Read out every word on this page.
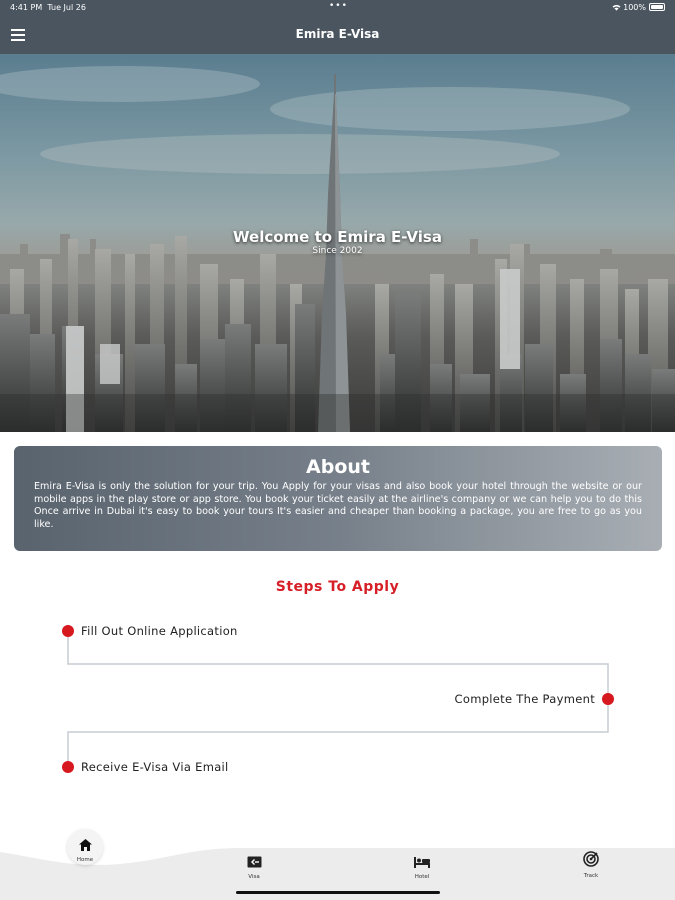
4:41 PM Tue Jul 26	•••	100%
Emira E-Visa
Welcome to Emira E-Visa
Since 2002
About
Emira E-Visa is only the solution for your trip. You Apply for your visas and also book your hotel through the website or our mobile apps in the play store or app store. You book your ticket easily at the airline's company or we can help you to do this Once arrive in Dubai it's easy to book your tours It's easier and cheaper than booking a package, you are free to go as you like.
Steps To Apply
Fill Out Online Application
Complete The Payment
Receive E-Visa Via Email
Home
Visa	Hotel	Track
